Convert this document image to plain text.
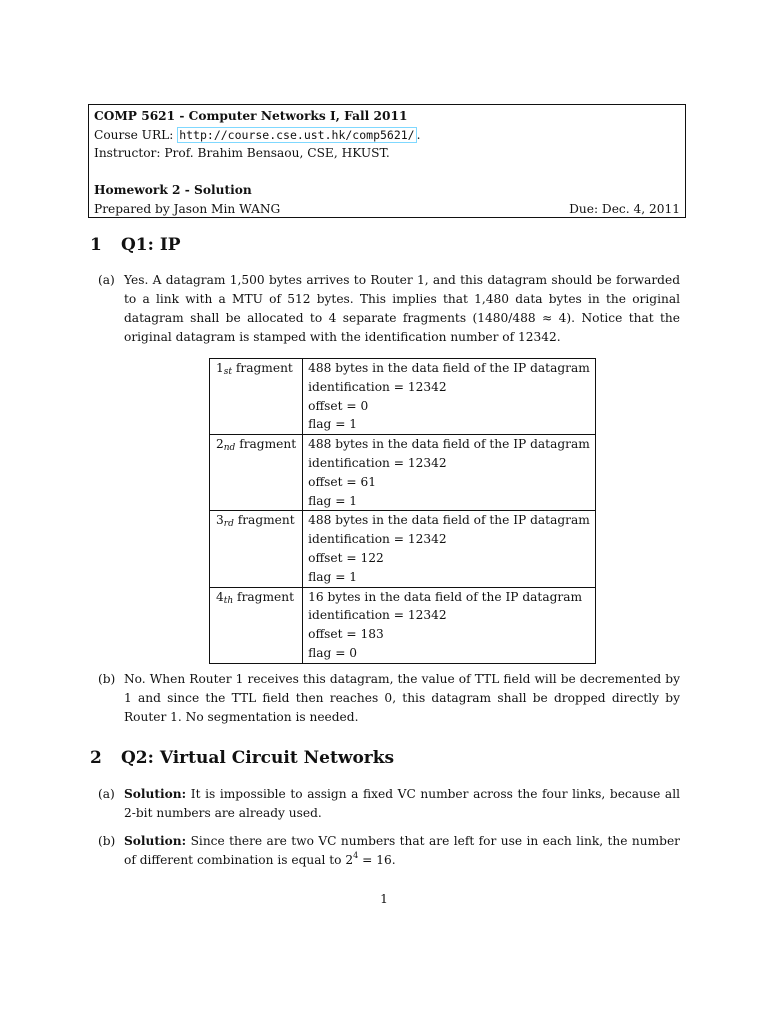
COMP 5621 - Computer Networks I, Fall 2011
Course URL: http://course.cse.ust.hk/comp5621/ .
Instructor: Prof. Brahim Bensaou, CSE, HKUST.
Homework 2 - Solution
Prepared by Jason Min WANG	Due: Dec. 4, 2011
1 Q1: IP
(a) Yes. A datagram 1,500 bytes arrives to Router 1, and this datagram should be forwarded to a link with a MTU of 512 bytes. This implies that 1,480 data bytes in the original datagram shall be allocated to 4 separate fragments (1480/488 ≈ 4). Notice that the original datagram is stamped with the identification number of 12342.
$1_{st}$ fragment	488 bytes in the data field of the IP datagram
identification = 12342
offset = 0
flag = 1

$2_{nd}$ fragment	488 bytes in the data field of the IP datagram
identification = 12342
offset = 61
flag = 1

$3_{rd}$ fragment	488 bytes in the data field of the IP datagram
identification = 12342
offset = 122
flag = 1

$4_{th}$ fragment	16 bytes in the data field of the IP datagram
identification = 12342
offset = 183
flag = 0
(b) No. When Router 1 receives this datagram, the value of TTL field will be decremented by 1 and since the TTL field then reaches 0, this datagram shall be dropped directly by Router 1. No segmentation is needed.
2 Q2: Virtual Circuit Networks
(a) Solution: It is impossible to assign a fixed VC number across the four links, because all 2-bit numbers are already used.
(b) Solution: Since there are two VC numbers that are left for use in each link, the number of different combination is equal to $2^4 = 16$.
1
